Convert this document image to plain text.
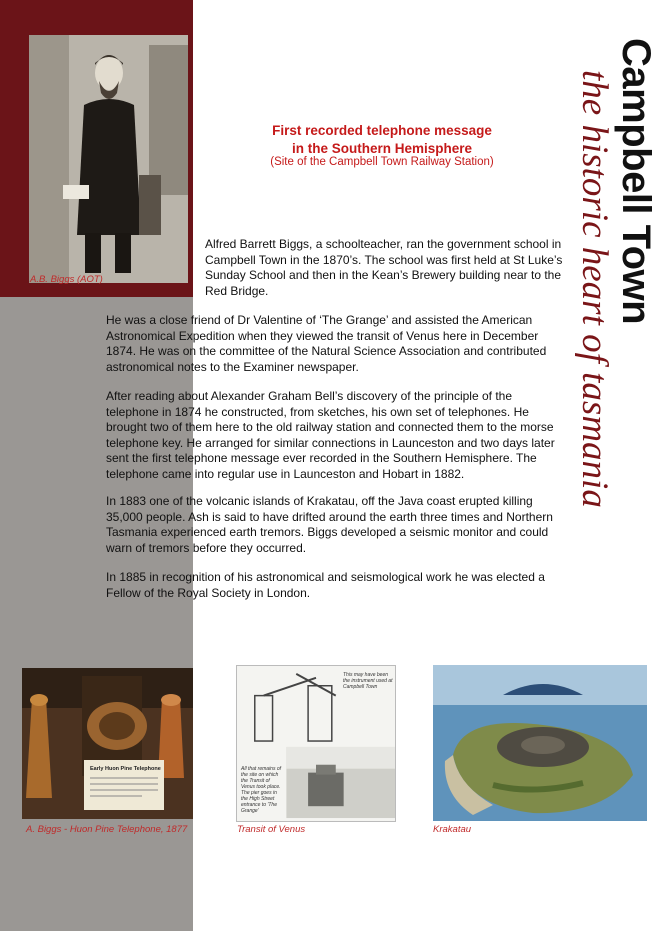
A.B. Biggs (AOT)
First recorded telephone message
in the Southern Hemisphere
(Site of the Campbell Town Railway Station)	the historic heart of tasmania Campbell Town

Alfred Barrett Biggs, a schoolteacher, ran the government school in Campbell Town in the 1870’s. The school was first held at St Luke’s Sunday School and then in the Kean’s Brewery building near to the Red Bridge.

He was a close friend of Dr Valentine of ‘The Grange’ and assisted the American Astronomical Expedition when they viewed the transit of Venus here in December 1874. He was on the committee of the Natural Science Association and contributed astronomical notes to the Examiner newspaper.

After reading about Alexander Graham Bell’s discovery of the principle of the telephone in 1874 he constructed, from sketches, his own set of telephones. He brought two of them here to the old railway station and connected them to the morse telephone key. He arranged for similar connections in Launceston and two days later sent the first telephone message ever recorded in the Southern Hemisphere. The telephone came into regular use in Launceston and Hobart in 1882.

In 1883 one of the volcanic islands of Krakatau, off the Java coast erupted killing 35,000 people. Ash is said to have drifted around the earth three times and Northern Tasmania experienced earth tremors. Biggs developed a seismic monitor and could warn of tremors before they occurred.

In 1885 in recognition of his astronomical and seismological work he was elected a Fellow of the Royal Society in London.

Early Huon Pine Telephone
A. Biggs - Huon Pine Telephone, 1877
This may have been the instrument used at Campbell Town
All that remains of the site on which the Transit of Venus took place. The pier goes in the High Street entrance to 'The Grange'
Transit of Venus	Krakatau
